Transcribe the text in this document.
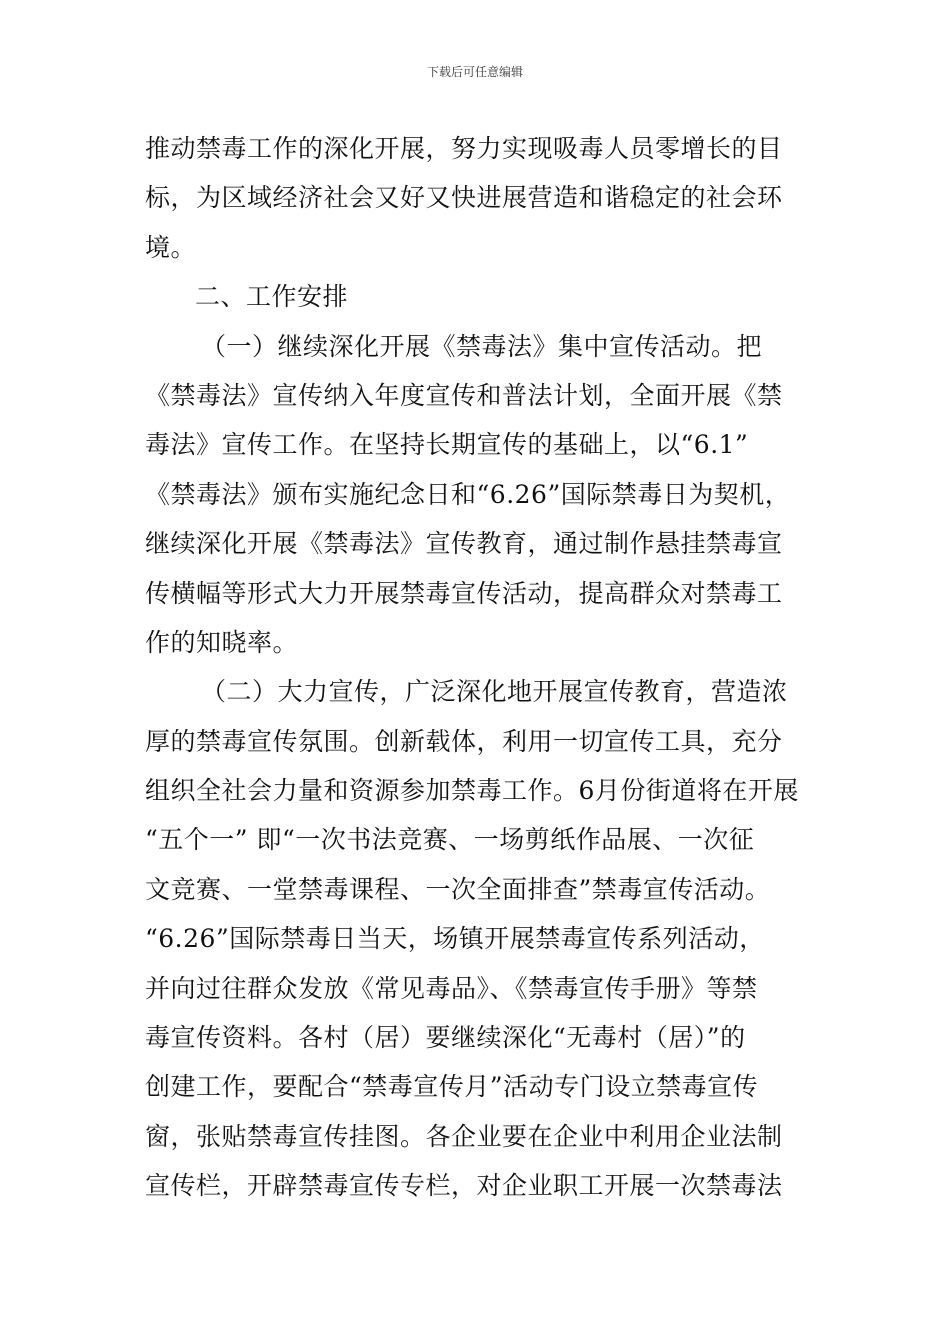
下载后可任意编辑
推动禁毒工作的深化开展，努力实现吸毒人员零增长的目
标，为区域经济社会又好又快进展营造和谐稳定的社会环
境。
二、工作安排
（一）继续深化开展《禁毒法》集中宣传活动。把
《禁毒法》宣传纳入年度宣传和普法计划，全面开展《禁
毒法》宣传工作。在坚持长期宣传的基础上，以“6.1”
《禁毒法》颁布实施纪念日和“6.26”国际禁毒日为契机，
继续深化开展《禁毒法》宣传教育，通过制作悬挂禁毒宣
传横幅等形式大力开展禁毒宣传活动，提高群众对禁毒工
作的知晓率。
（二）大力宣传，广泛深化地开展宣传教育，营造浓
厚的禁毒宣传氛围。创新载体，利用一切宣传工具，充分
组织全社会力量和资源参加禁毒工作。6月份街道将在开展
“五个一” 即“一次书法竞赛、一场剪纸作品展、一次征
文竞赛、一堂禁毒课程、一次全面排查”禁毒宣传活动。
“6.26”国际禁毒日当天，场镇开展禁毒宣传系列活动，
并向过往群众发放《常见毒品》、《禁毒宣传手册》等禁
毒宣传资料。各村（居）要继续深化“无毒村（居）”的
创建工作，要配合“禁毒宣传月”活动专门设立禁毒宣传
窗，张贴禁毒宣传挂图。各企业要在企业中利用企业法制
宣传栏，开辟禁毒宣传专栏，对企业职工开展一次禁毒法
